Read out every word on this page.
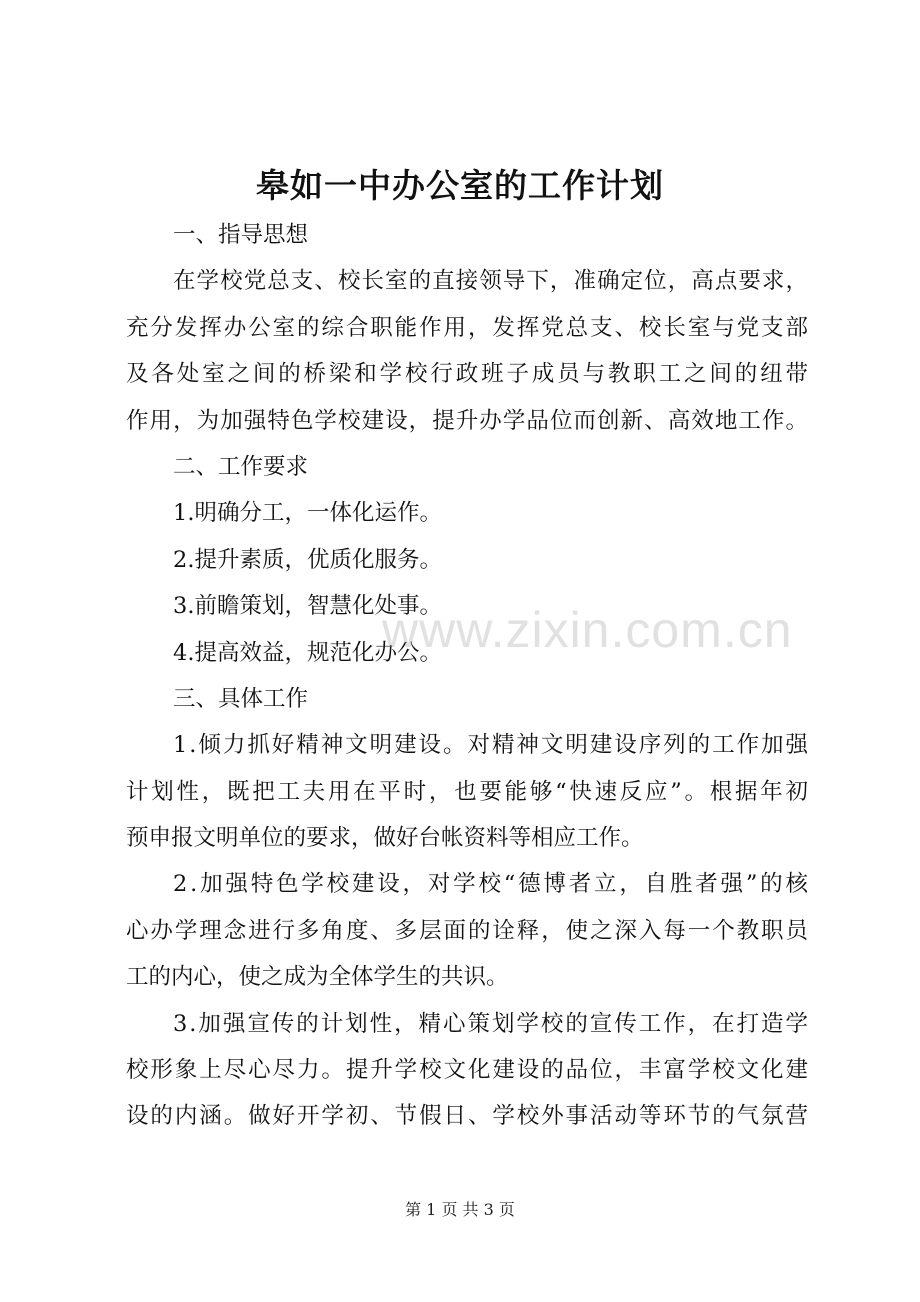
皋如一中办公室的工作计划

一、指导思想

在学校党总支、校长室的直接领导下，准确定位，高点要求，

充分发挥办公室的综合职能作用，发挥党总支、校长室与党支部

及各处室之间的桥梁和学校行政班子成员与教职工之间的纽带

作用，为加强特色学校建设，提升办学品位而创新、高效地工作。

二、工作要求

1.明确分工，一体化运作。

2.提升素质，优质化服务。

3.前瞻策划，智慧化处事。

4.提高效益，规范化办公。

三、具体工作

1.倾力抓好精神文明建设。对精神文明建设序列的工作加强

计划性，既把工夫用在平时，也要能够“快速反应”。根据年初

预申报文明单位的要求，做好台帐资料等相应工作。

2.加强特色学校建设，对学校“德博者立，自胜者强”的核

心办学理念进行多角度、多层面的诠释，使之深入每一个教职员

工的内心，使之成为全体学生的共识。

3.加强宣传的计划性，精心策划学校的宣传工作，在打造学

校形象上尽心尽力。提升学校文化建设的品位，丰富学校文化建

设的内涵。做好开学初、节假日、学校外事活动等环节的气氛营

www.zixin.com.cn
第 1 页 共 3 页
